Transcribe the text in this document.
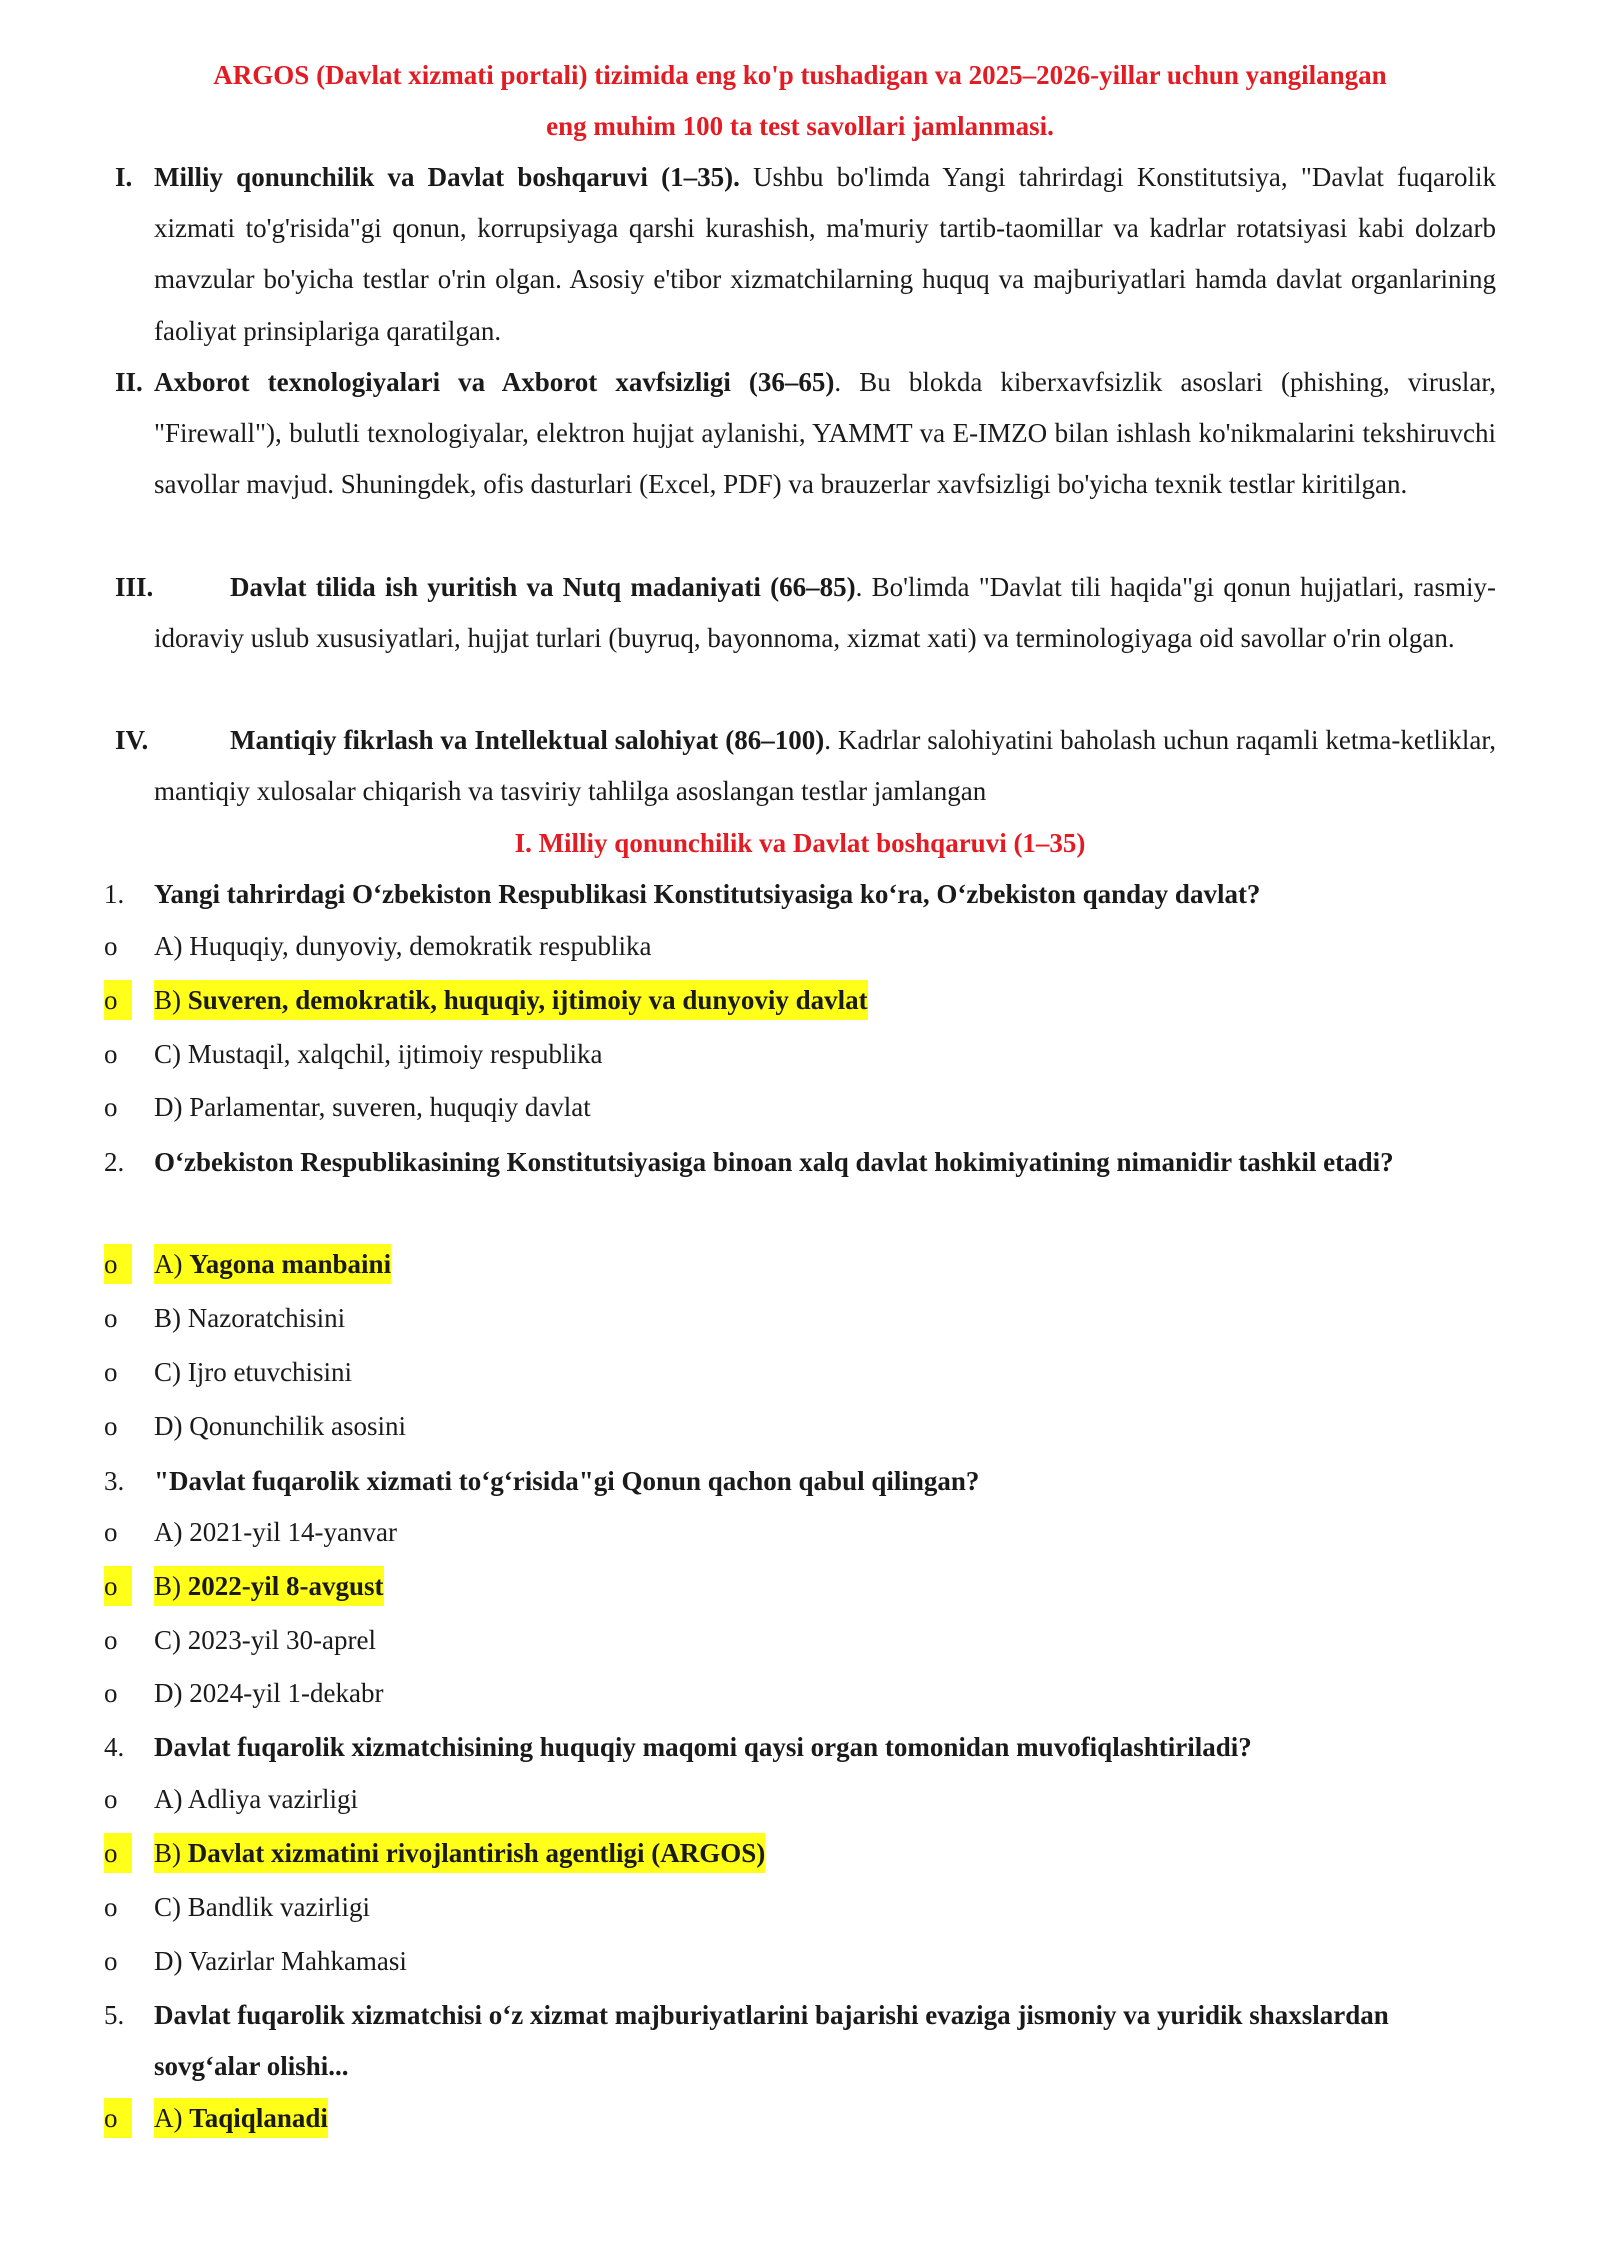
ARGOS (Davlat xizmati portali) tizimida eng ko'p tushadigan va 2025–2026-yillar uchun yangilangan
eng muhim 100 ta test savollari jamlanmasi.
I. Milliy qonunchilik va Davlat boshqaruvi (1–35). Ushbu bo'limda Yangi tahrirdagi Konstitutsiya, "Davlat fuqarolik xizmati to'g'risida"gi qonun, korrupsiyaga qarshi kurashish, ma'muriy tartib-taomillar va kadrlar rotatsiyasi kabi dolzarb mavzular bo'yicha testlar o'rin olgan. Asosiy e'tibor xizmatchilarning huquq va majburiyatlari hamda davlat organlarining faoliyat prinsiplariga qaratilgan.
II. Axborot texnologiyalari va Axborot xavfsizligi (36–65). Bu blokda kiberxavfsizlik asoslari (phishing, viruslar, "Firewall"), bulutli texnologiyalar, elektron hujjat aylanishi, YAMMT va E-IMZO bilan ishlash ko'nikmalarini tekshiruvchi savollar mavjud. Shuningdek, ofis dasturlari (Excel, PDF) va brauzerlar xavfsizligi bo'yicha texnik testlar kiritilgan.
III.	Davlat tilida ish yuritish va Nutq madaniyati (66–85). Bo'limda "Davlat tili haqida"gi qonun hujjatlari, rasmiy-idoraviy uslub xususiyatlari, hujjat turlari (buyruq, bayonnoma, xizmat xati) va terminologiyaga oid savollar o'rin olgan.
IV.	Mantiqiy fikrlash va Intellektual salohiyat (86–100). Kadrlar salohiyatini baholash uchun raqamli ketma-ketliklar, mantiqiy xulosalar chiqarish va tasviriy tahlilga asoslangan testlar jamlangan
I. Milliy qonunchilik va Davlat boshqaruvi (1–35)
1. Yangi tahrirdagi O‘zbekiston Respublikasi Konstitutsiyasiga ko‘ra, O‘zbekiston qanday davlat?
o A) Huquqiy, dunyoviy, demokratik respublika
o	B) Suveren, demokratik, huquqiy, ijtimoiy va dunyoviy davlat
o C) Mustaqil, xalqchil, ijtimoiy respublika
o D) Parlamentar, suveren, huquqiy davlat
2. O‘zbekiston Respublikasining Konstitutsiyasiga binoan xalq davlat hokimiyatining nimanidir tashkil etadi?
o	A) Yagona manbaini
o B) Nazoratchisini
o C) Ijro etuvchisini
o D) Qonunchilik asosini
3. "Davlat fuqarolik xizmati to‘g‘risida"gi Qonun qachon qabul qilingan?
o A) 2021-yil 14-yanvar
o	B) 2022-yil 8-avgust
o C) 2023-yil 30-aprel
o D) 2024-yil 1-dekabr
4. Davlat fuqarolik xizmatchisining huquqiy maqomi qaysi organ tomonidan muvofiqlashtiriladi?
o A) Adliya vazirligi
o	B) Davlat xizmatini rivojlantirish agentligi (ARGOS)
o C) Bandlik vazirligi
o D) Vazirlar Mahkamasi
5. Davlat fuqarolik xizmatchisi o‘z xizmat majburiyatlarini bajarishi evaziga jismoniy va yuridik shaxslardan sovg‘alar olishi...
o	A) Taqiqlanadi
